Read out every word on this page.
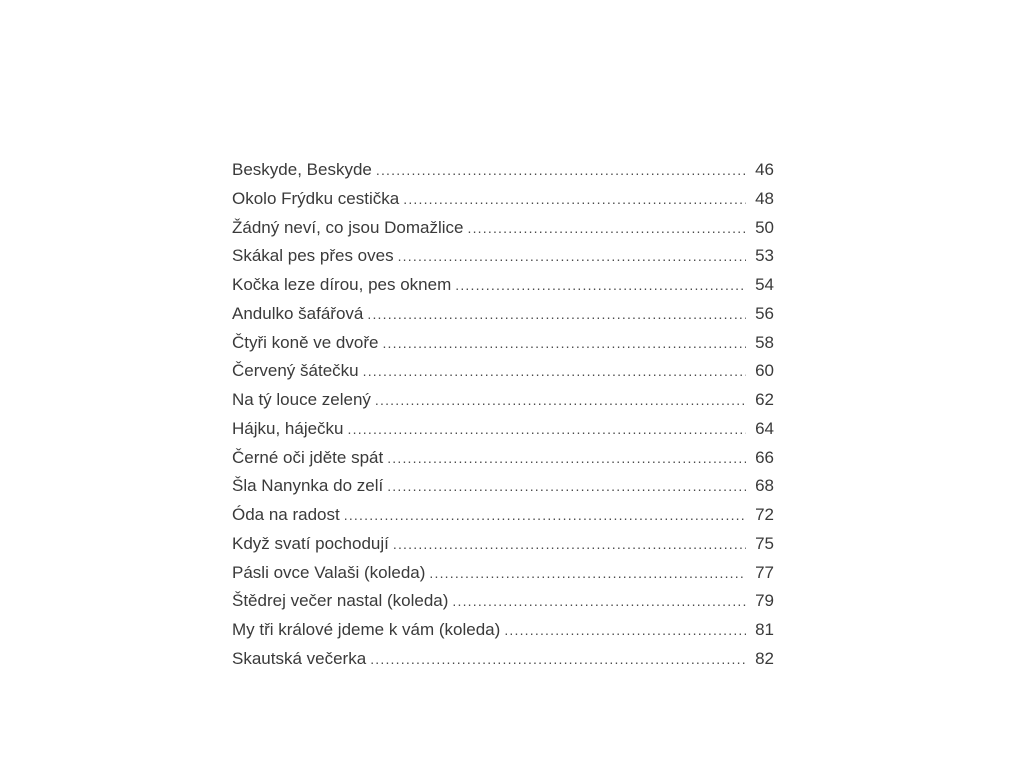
Beskyde, Beskyde .....	46
Okolo Frýdku cestička .....	48
Žádný neví, co jsou Domažlice .....	50
Skákal pes přes oves .....	53
Kočka leze dírou, pes oknem .....	54
Andulko šafářová .....	56
Čtyři koně ve dvoře .....	58
Červený šátečku .....	60
Na tý louce zelený .....	62
Hájku, háječku .....	64
Černé oči jděte spát .....	66
Šla Nanynka do zelí .....	68
Óda na radost .....	72
Když svatí pochodují .....	75
Pásli ovce Valaši (koleda) .....	77
Štědrej večer nastal (koleda) .....	79
My tři králové jdeme k vám (koleda) .....	81
Skautská večerka .....	82
